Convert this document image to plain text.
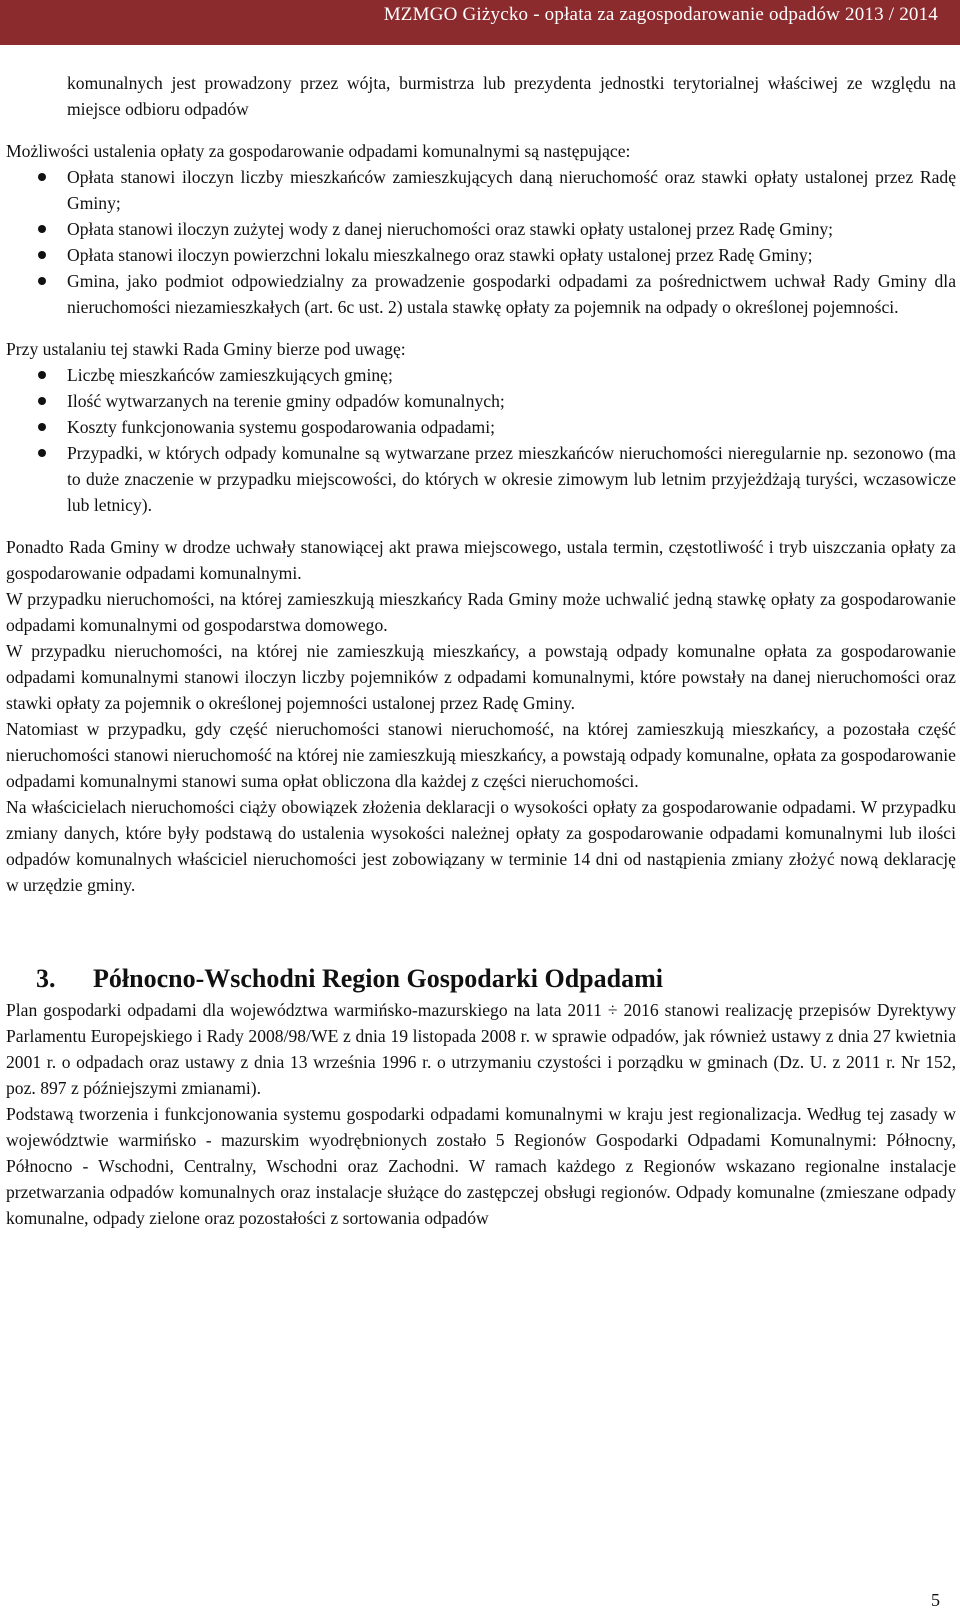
MZMGO Giżycko - opłata za zagospodarowanie odpadów 2013 / 2014

komunalnych jest prowadzony przez wójta, burmistrza lub prezydenta jednostki terytorialnej właściwej ze względu na miejsce odbioru odpadów

Możliwości ustalenia opłaty za gospodarowanie odpadami komunalnymi są następujące:

Opłata stanowi iloczyn liczby mieszkańców zamieszkujących daną nieruchomość oraz stawki opłaty ustalonej przez Radę Gminy;
Opłata stanowi iloczyn zużytej wody z danej nieruchomości oraz stawki opłaty ustalonej przez Radę Gminy;
Opłata stanowi iloczyn powierzchni lokalu mieszkalnego oraz stawki opłaty ustalonej przez Radę Gminy;
Gmina, jako podmiot odpowiedzialny za prowadzenie gospodarki odpadami za pośrednictwem uchwał Rady Gminy dla nieruchomości niezamieszkałych (art. 6c ust. 2) ustala stawkę opłaty za pojemnik na odpady o określonej pojemności.

Przy ustalaniu tej stawki Rada Gminy bierze pod uwagę:

Liczbę mieszkańców zamieszkujących gminę;
Ilość wytwarzanych na terenie gminy odpadów komunalnych;
Koszty funkcjonowania systemu gospodarowania odpadami;
Przypadki, w których odpady komunalne są wytwarzane przez mieszkańców nieruchomości nieregularnie np. sezonowo (ma to duże znaczenie w przypadku miejscowości, do których w okresie zimowym lub letnim przyjeżdżają turyści, wczasowicze lub letnicy).

Ponadto Rada Gminy w drodze uchwały stanowiącej akt prawa miejscowego, ustala termin, częstotliwość i tryb uiszczania opłaty za gospodarowanie odpadami komunalnymi.

W przypadku nieruchomości, na której zamieszkują mieszkańcy Rada Gminy może uchwalić jedną stawkę opłaty za gospodarowanie odpadami komunalnymi od gospodarstwa domowego.

W przypadku nieruchomości, na której nie zamieszkują mieszkańcy, a powstają odpady komunalne opłata za gospodarowanie odpadami komunalnymi stanowi iloczyn liczby pojemników z odpadami komunalnymi, które powstały na danej nieruchomości oraz stawki opłaty za pojemnik o określonej pojemności ustalonej przez Radę Gminy.

Natomiast w przypadku, gdy część nieruchomości stanowi nieruchomość, na której zamieszkują mieszkańcy, a pozostała część nieruchomości stanowi nieruchomość na której nie zamieszkują mieszkańcy, a powstają odpady komunalne, opłata za gospodarowanie odpadami komunalnymi stanowi suma opłat obliczona dla każdej z części nieruchomości.

Na właścicielach nieruchomości ciąży obowiązek złożenia deklaracji o wysokości opłaty za gospodarowanie odpadami. W przypadku zmiany danych, które były podstawą do ustalenia wysokości należnej opłaty za gospodarowanie odpadami komunalnymi lub ilości odpadów komunalnych właściciel nieruchomości jest zobowiązany w terminie 14 dni od nastąpienia zmiany złożyć nową deklarację w urzędzie gminy.

3. Północno-Wschodni Region Gospodarki Odpadami

Plan gospodarki odpadami dla województwa warmińsko-mazurskiego na lata 2011 ÷ 2016 stanowi realizację przepisów Dyrektywy Parlamentu Europejskiego i Rady 2008/98/WE z dnia 19 listopada 2008 r. w sprawie odpadów, jak również ustawy z dnia 27 kwietnia 2001 r. o odpadach oraz ustawy z dnia 13 września 1996 r. o utrzymaniu czystości i porządku w gminach (Dz. U. z 2011 r. Nr 152, poz. 897 z późniejszymi zmianami).

Podstawą tworzenia i funkcjonowania systemu gospodarki odpadami komunalnymi w kraju jest regionalizacja. Według tej zasady w województwie warmińsko - mazurskim wyodrębnionych zostało 5 Regionów Gospodarki Odpadami Komunalnymi: Północny, Północno - Wschodni, Centralny, Wschodni oraz Zachodni. W ramach każdego z Regionów wskazano regionalne instalacje przetwarzania odpadów komunalnych oraz instalacje służące do zastępczej obsługi regionów. Odpady komunalne (zmieszane odpady komunalne, odpady zielone oraz pozostałości z sortowania odpadów

5
